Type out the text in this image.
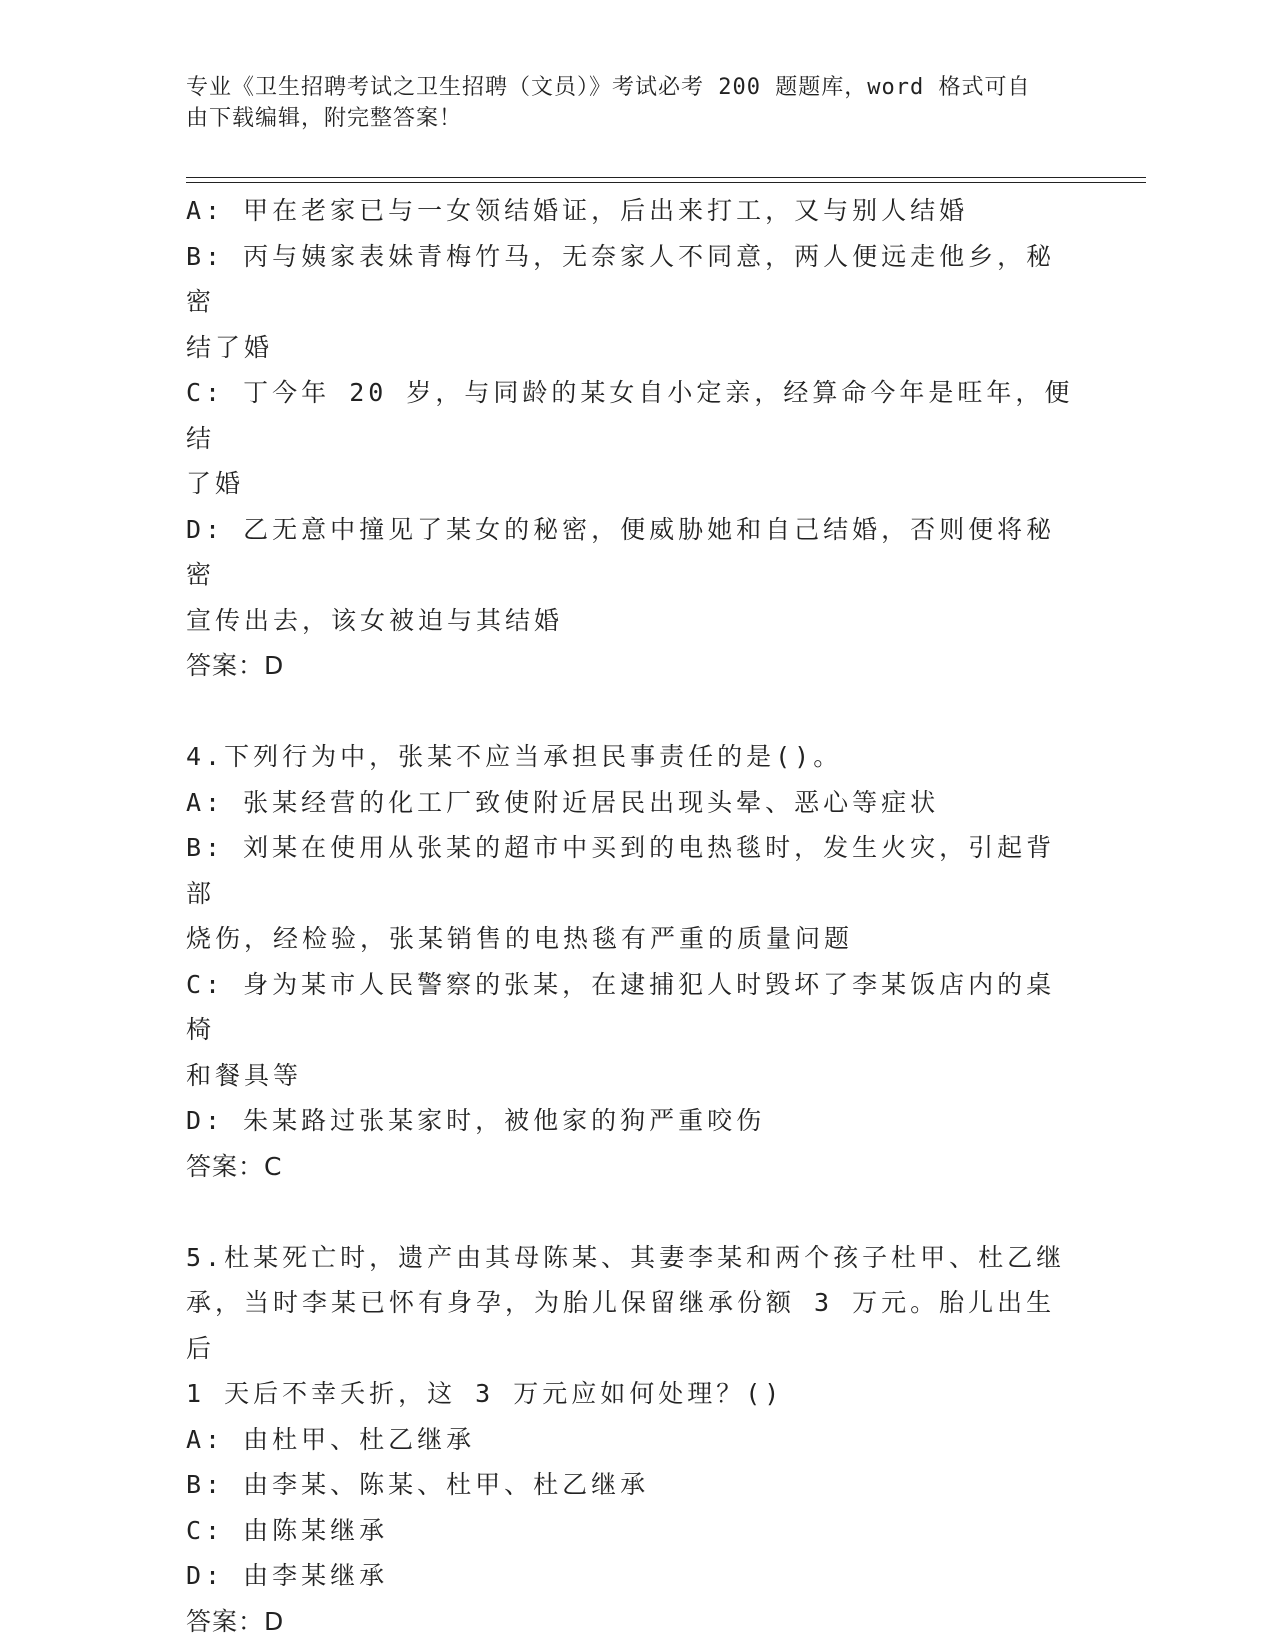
专业《卫生招聘考试之卫生招聘（文员）》考试必考 200 题题库，word 格式可自
由下载编辑，附完整答案！
A: 甲在老家已与一女领结婚证，后出来打工，又与别人结婚
B: 丙与姨家表妹青梅竹马，无奈家人不同意，两人便远走他乡，秘密
结了婚
C: 丁今年 20 岁，与同龄的某女自小定亲，经算命今年是旺年，便结
了婚
D: 乙无意中撞见了某女的秘密，便威胁她和自己结婚，否则便将秘密
宣传出去，该女被迫与其结婚
答案：D
4.下列行为中，张某不应当承担民事责任的是()。
A: 张某经营的化工厂致使附近居民出现头晕、恶心等症状
B: 刘某在使用从张某的超市中买到的电热毯时，发生火灾，引起背部
烧伤，经检验，张某销售的电热毯有严重的质量问题
C: 身为某市人民警察的张某，在逮捕犯人时毁坏了李某饭店内的桌椅
和餐具等
D: 朱某路过张某家时，被他家的狗严重咬伤
答案：C
5.杜某死亡时，遗产由其母陈某、其妻李某和两个孩子杜甲、杜乙继
承，当时李某已怀有身孕，为胎儿保留继承份额 3 万元。胎儿出生后
1 天后不幸夭折，这 3 万元应如何处理？()
A: 由杜甲、杜乙继承
B: 由李某、陈某、杜甲、杜乙继承
C: 由陈某继承
D: 由李某继承
答案：D
